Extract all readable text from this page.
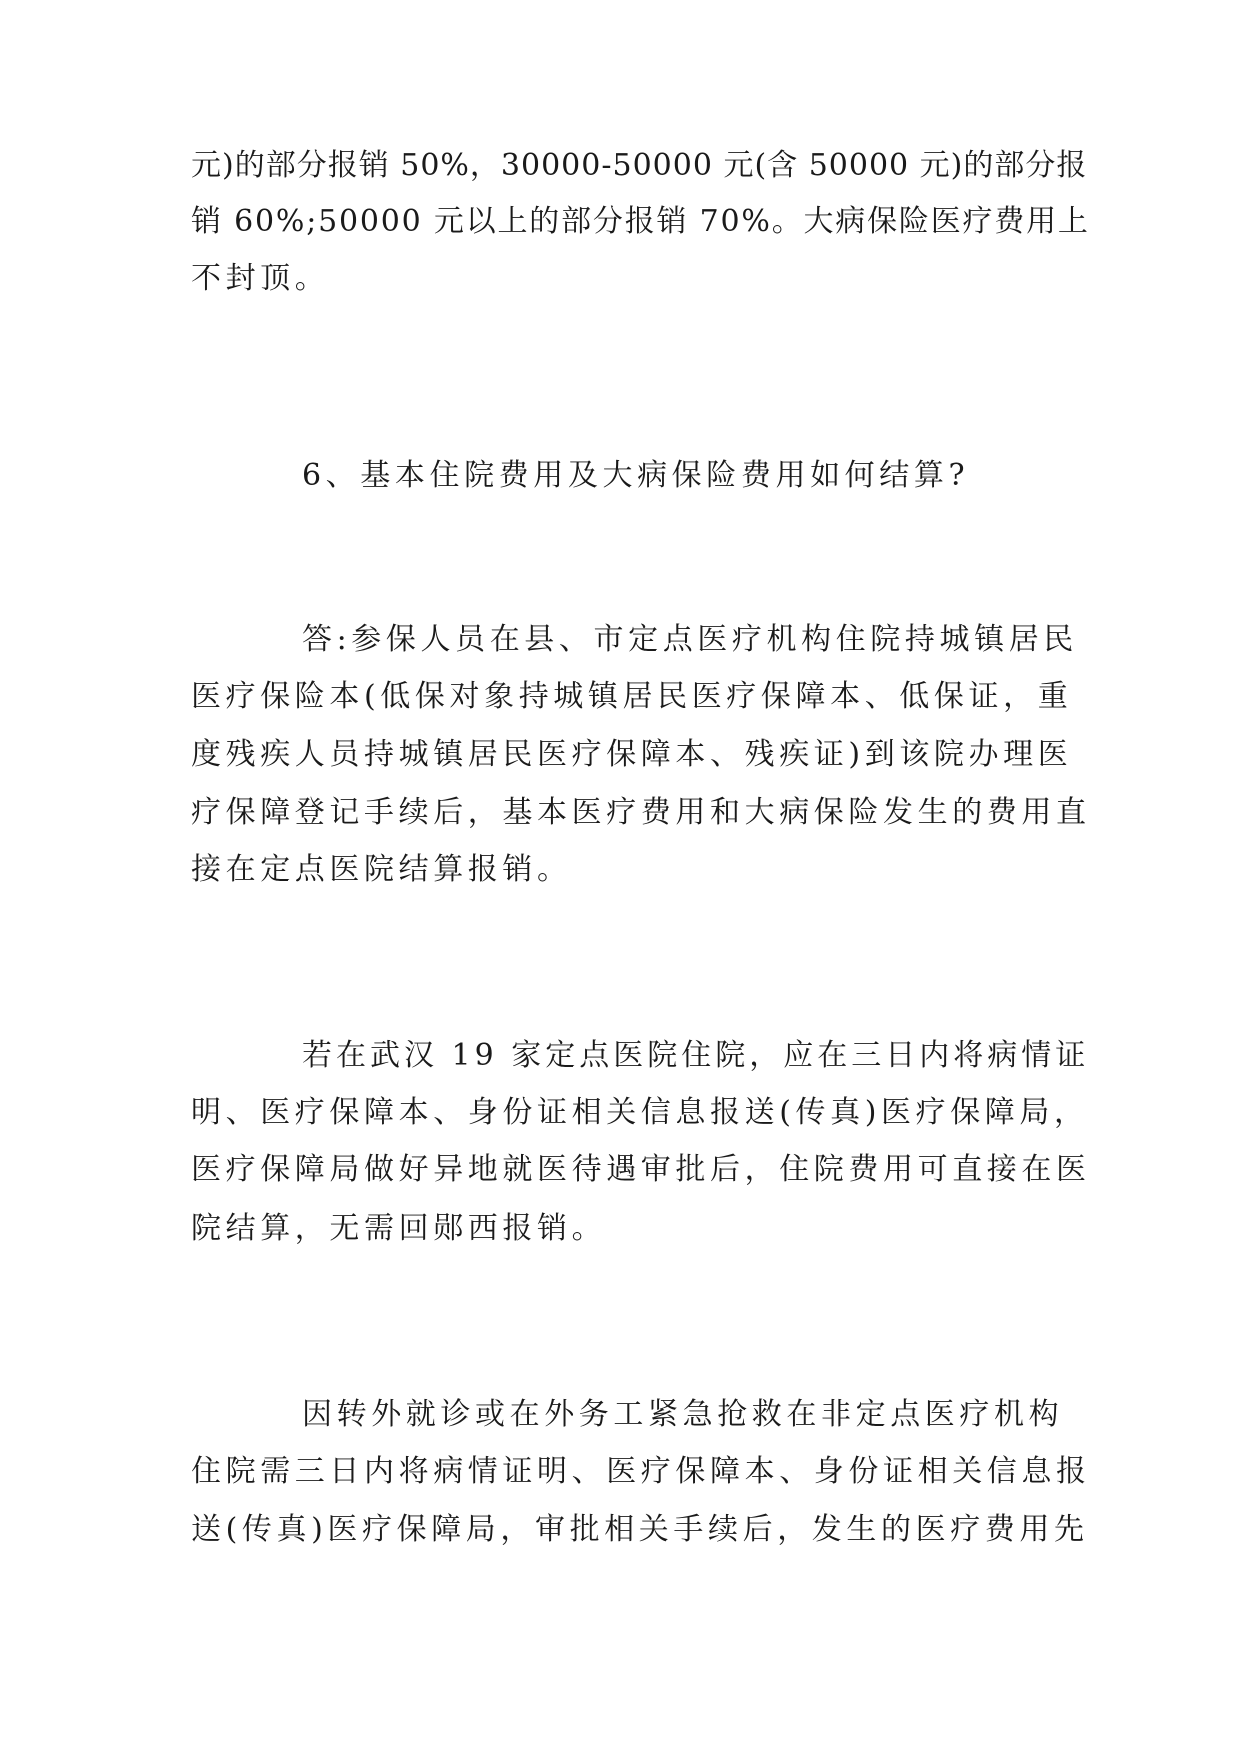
元)的部分报销 50%，30000-50000 元(含 50000 元)的部分报
销 60%;50000 元以上的部分报销 70%。大病保险医疗费用上
不封顶。
6、基本住院费用及大病保险费用如何结算?
答:参保人员在县、市定点医疗机构住院持城镇居民
医疗保险本(低保对象持城镇居民医疗保障本、低保证，重
度残疾人员持城镇居民医疗保障本、残疾证)到该院办理医
疗保障登记手续后，基本医疗费用和大病保险发生的费用直
接在定点医院结算报销。
若在武汉 19 家定点医院住院，应在三日内将病情证
明、医疗保障本、身份证相关信息报送(传真)医疗保障局，
医疗保障局做好异地就医待遇审批后，住院费用可直接在医
院结算，无需回郧西报销。
因转外就诊或在外务工紧急抢救在非定点医疗机构
住院需三日内将病情证明、医疗保障本、身份证相关信息报
送(传真)医疗保障局，审批相关手续后，发生的医疗费用先
